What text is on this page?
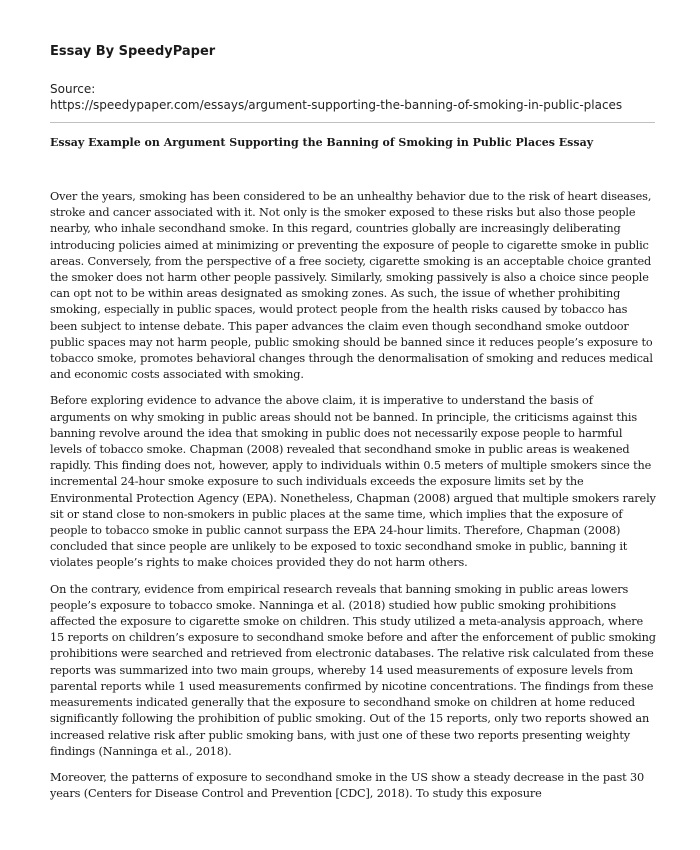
Essay By SpeedyPaper
Source:
https://speedypaper.com/essays/argument-supporting-the-banning-of-smoking-in-public-places
Essay Example on Argument Supporting the Banning of Smoking in Public Places Essay

Over the years, smoking has been considered to be an unhealthy behavior due to the risk of heart diseases, stroke and cancer associated with it. Not only is the smoker exposed to these risks but also those people nearby, who inhale secondhand smoke. In this regard, countries globally are increasingly deliberating introducing policies aimed at minimizing or preventing the exposure of people to cigarette smoke in public areas. Conversely, from the perspective of a free society, cigarette smoking is an acceptable choice granted the smoker does not harm other people passively. Similarly, smoking passively is also a choice since people can opt not to be within areas designated as smoking zones. As such, the issue of whether prohibiting smoking, especially in public spaces, would protect people from the health risks caused by tobacco has been subject to intense debate. This paper advances the claim even though secondhand smoke outdoor public spaces may not harm people, public smoking should be banned since it reduces people’s exposure to tobacco smoke, promotes behavioral changes through the denormalisation of smoking and reduces medical and economic costs associated with smoking.

Before exploring evidence to advance the above claim, it is imperative to understand the basis of arguments on why smoking in public areas should not be banned. In principle, the criticisms against this banning revolve around the idea that smoking in public does not necessarily expose people to harmful levels of tobacco smoke. Chapman (2008) revealed that secondhand smoke in public areas is weakened rapidly. This finding does not, however, apply to individuals within 0.5 meters of multiple smokers since the incremental 24-hour smoke exposure to such individuals exceeds the exposure limits set by the Environmental Protection Agency (EPA). Nonetheless, Chapman (2008) argued that multiple smokers rarely sit or stand close to non-smokers in public places at the same time, which implies that the exposure of people to tobacco smoke in public cannot surpass the EPA 24-hour limits. Therefore, Chapman (2008) concluded that since people are unlikely to be exposed to toxic secondhand smoke in public, banning it violates people’s rights to make choices provided they do not harm others.

On the contrary, evidence from empirical research reveals that banning smoking in public areas lowers people’s exposure to tobacco smoke. Nanninga et al. (2018) studied how public smoking prohibitions affected the exposure to cigarette smoke on children. This study utilized a meta-analysis approach, where 15 reports on children’s exposure to secondhand smoke before and after the enforcement of public smoking prohibitions were searched and retrieved from electronic databases. The relative risk calculated from these reports was summarized into two main groups, whereby 14 used measurements of exposure levels from parental reports while 1 used measurements confirmed by nicotine concentrations. The findings from these measurements indicated generally that the exposure to secondhand smoke on children at home reduced significantly following the prohibition of public smoking. Out of the 15 reports, only two reports showed an increased relative risk after public smoking bans, with just one of these two reports presenting weighty findings (Nanninga et al., 2018).

Moreover, the patterns of exposure to secondhand smoke in the US show a steady decrease in the past 30 years (Centers for Disease Control and Prevention [CDC], 2018). To study this exposure
